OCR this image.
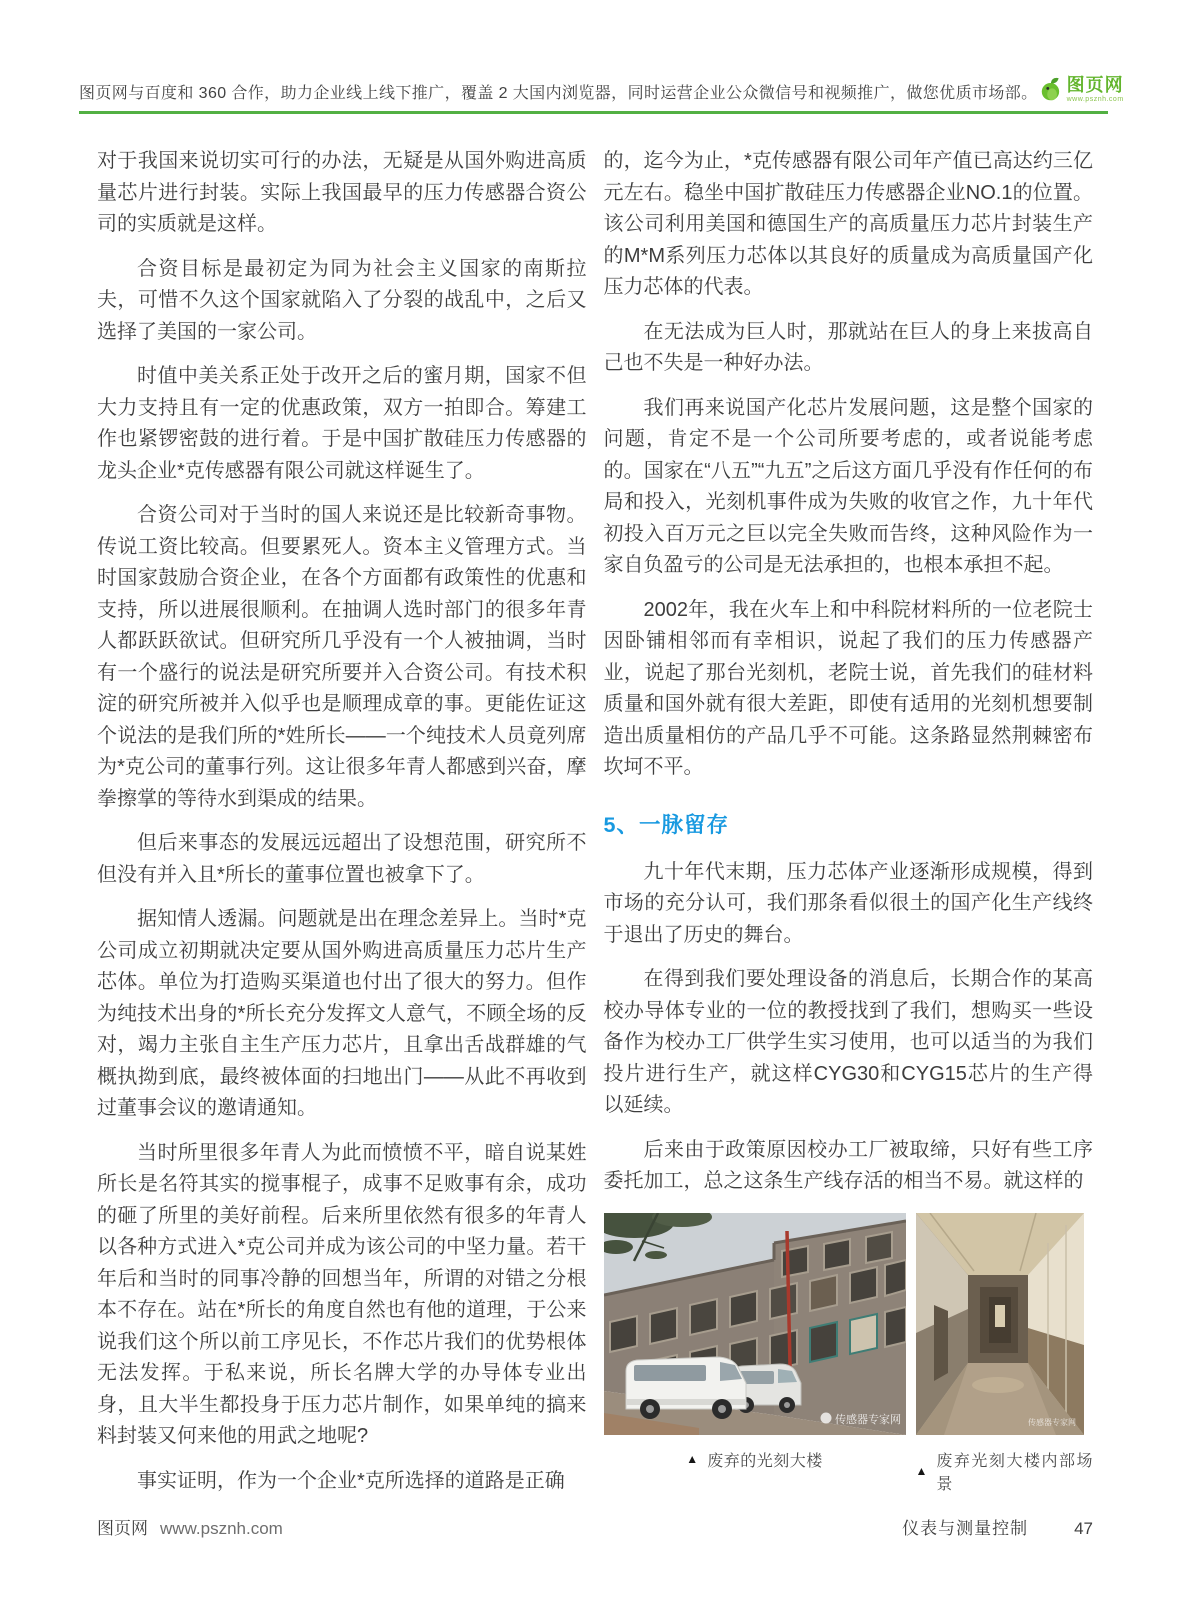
图页网与百度和 360 合作，助力企业线上线下推广，覆盖 2 大国内浏览器，同时运营企业公众微信号和视频推广，做您优质市场部。 图页网
www.psznh.com

对于我国来说切实可行的办法，无疑是从国外购进高质量芯片进行封装。实际上我国最早的压力传感器合资公司的实质就是这样。

合资目标是最初定为同为社会主义国家的南斯拉夫，可惜不久这个国家就陷入了分裂的战乱中，之后又选择了美国的一家公司。

时值中美关系正处于改开之后的蜜月期，国家不但大力支持且有一定的优惠政策，双方一拍即合。筹建工作也紧锣密鼓的进行着。于是中国扩散硅压力传感器的龙头企业*克传感器有限公司就这样诞生了。

合资公司对于当时的国人来说还是比较新奇事物。传说工资比较高。但要累死人。资本主义管理方式。当时国家鼓励合资企业，在各个方面都有政策性的优惠和支持，所以进展很顺利。在抽调人选时部门的很多年青人都跃跃欲试。但研究所几乎没有一个人被抽调，当时有一个盛行的说法是研究所要并入合资公司。有技术积淀的研究所被并入似乎也是顺理成章的事。更能佐证这个说法的是我们所的*姓所长——一个纯技术人员竟列席为*克公司的董事行列。这让很多年青人都感到兴奋，摩拳擦掌的等待水到渠成的结果。

但后来事态的发展远远超出了设想范围，研究所不但没有并入且*所长的董事位置也被拿下了。

据知情人透漏。问题就是出在理念差异上。当时*克公司成立初期就决定要从国外购进高质量压力芯片生产芯体。单位为打造购买渠道也付出了很大的努力。但作为纯技术出身的*所长充分发挥文人意气，不顾全场的反对，竭力主张自主生产压力芯片，且拿出舌战群雄的气概执拗到底，最终被体面的扫地出门——从此不再收到过董事会议的邀请通知。

当时所里很多年青人为此而愤愤不平，暗自说某姓所长是名符其实的搅事棍子，成事不足败事有余，成功的砸了所里的美好前程。后来所里依然有很多的年青人以各种方式进入*克公司并成为该公司的中坚力量。若干年后和当时的同事冷静的回想当年，所谓的对错之分根本不存在。站在*所长的角度自然也有他的道理，于公来说我们这个所以前工序见长，不作芯片我们的优势根体无法发挥。于私来说，所长名牌大学的办导体专业出身，且大半生都投身于压力芯片制作，如果单纯的搞来料封装又何来他的用武之地呢?

事实证明，作为一个企业*克所选择的道路是正确

的，迄今为止，*克传感器有限公司年产值已高达约三亿元左右。稳坐中国扩散硅压力传感器企业NO.1的位置。该公司利用美国和德国生产的高质量压力芯片封装生产的M*M系列压力芯体以其良好的质量成为高质量国产化压力芯体的代表。

在无法成为巨人时，那就站在巨人的身上来拔高自己也不失是一种好办法。

我们再来说国产化芯片发展问题，这是整个国家的问题，肯定不是一个公司所要考虑的，或者说能考虑的。国家在“八五”“九五”之后这方面几乎没有作任何的布局和投入，光刻机事件成为失败的收官之作，九十年代初投入百万元之巨以完全失败而告终，这种风险作为一家自负盈亏的公司是无法承担的，也根本承担不起。

2002年，我在火车上和中科院材料所的一位老院士因卧铺相邻而有幸相识，说起了我们的压力传感器产业，说起了那台光刻机，老院士说，首先我们的硅材料质量和国外就有很大差距，即使有适用的光刻机想要制造出质量相仿的产品几乎不可能。这条路显然荆棘密布坎坷不平。

5、一脉留存

九十年代末期，压力芯体产业逐渐形成规模，得到市场的充分认可，我们那条看似很土的国产化生产线终于退出了历史的舞台。

在得到我们要处理设备的消息后，长期合作的某高校办导体专业的一位的教授找到了我们，想购买一些设备作为校办工厂供学生实习使用，也可以适当的为我们投片进行生产，就这样CYG30和CYG15芯片的生产得以延续。

后来由于政策原因校办工厂被取缔，只好有些工序委托加工，总之这条生产线存活的相当不易。就这样的

传感器专家网
▲ 废弃的光刻大楼
传感器专家网
▲
废弃光刻大楼内部场景
图页网 www.psznh.com	仪表与测量控制	47
